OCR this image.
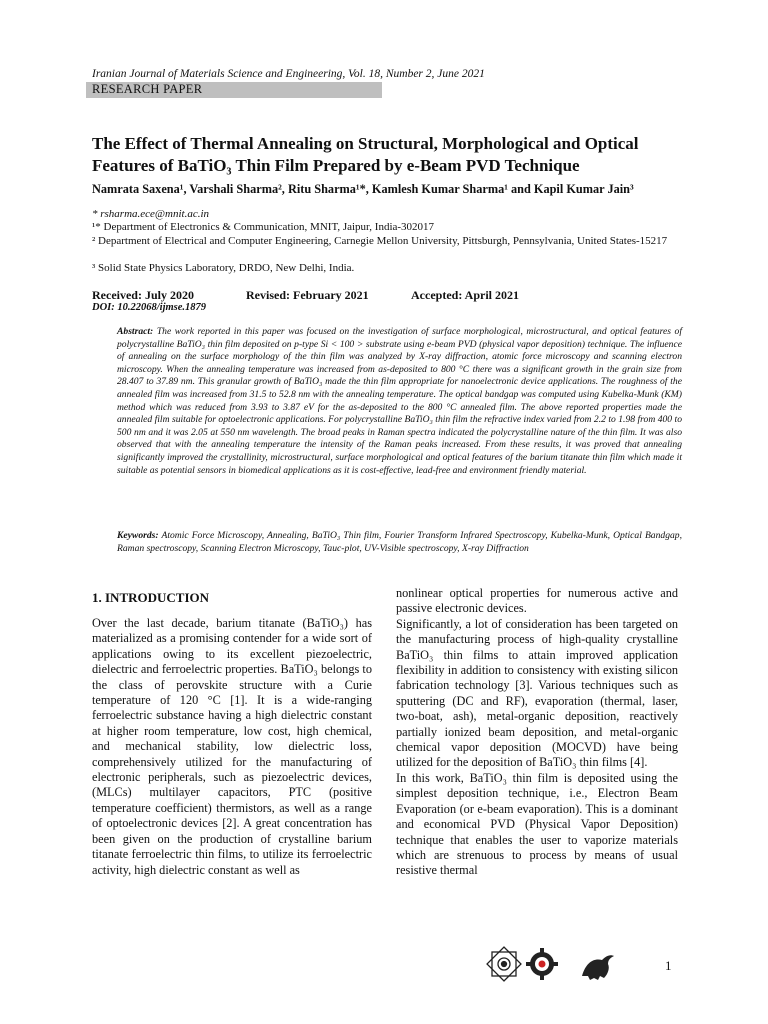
Iranian Journal of Materials Science and Engineering, Vol. 18, Number 2, June 2021
RESEARCH PAPER
The Effect of Thermal Annealing on Structural, Morphological and Optical
Features of BaTiO₃ Thin Film Prepared by e-Beam PVD Technique
Namrata Saxena¹, Varshali Sharma², Ritu Sharma¹*, Kamlesh Kumar Sharma¹ and Kapil Kumar Jain³
* rsharma.ece@mnit.ac.in
¹* Department of Electronics & Communication, MNIT, Jaipur, India-302017
² Department of Electrical and Computer Engineering, Carnegie Mellon University, Pittsburgh, Pennsylvania, United States-15217
³ Solid State Physics Laboratory, DRDO, New Delhi, India.
Received: July 2020	Revised: February 2021	Accepted: April 2021
DOI: 10.22068/ijmse.1879
Abstract: The work reported in this paper was focused on the investigation of surface morphological, microstructural, and optical features of polycrystalline BaTiO₃ thin film deposited on p-type Si < 100 > substrate using e-beam PVD (physical vapor deposition) technique. The influence of annealing on the surface morphology of the thin film was analyzed by X-ray diffraction, atomic force microscopy and scanning electron microscopy. When the annealing temperature was increased from as-deposited to 800 °C there was a significant growth in the grain size from 28.407 to 37.89 nm. This granular growth of BaTiO₃ made the thin film appropriate for nanoelectronic device applications. The roughness of the annealed film was increased from 31.5 to 52.8 nm with the annealing temperature. The optical bandgap was computed using Kubelka-Munk (KM) method which was reduced from 3.93 to 3.87 eV for the as-deposited to the 800 °C annealed film. The above reported properties made the annealed film suitable for optoelectronic applications. For polycrystalline BaTiO₃ thin film the refractive index varied from 2.2 to 1.98 from 400 to 500 nm and it was 2.05 at 550 nm wavelength. The broad peaks in Raman spectra indicated the polycrystalline nature of the thin film. It was also observed that with the annealing temperature the intensity of the Raman peaks increased. From these results, it was proved that annealing significantly improved the crystallinity, microstructural, surface morphological and optical features of the barium titanate thin film which made it suitable as potential sensors in biomedical applications as it is cost-effective, lead-free and environment friendly material.
Keywords: Atomic Force Microscopy, Annealing, BaTiO₃ Thin film, Fourier Transform Infrared Spectroscopy, Kubelka-Munk, Optical Bandgap, Raman spectroscopy, Scanning Electron Microscopy, Tauc-plot, UV-Visible spectroscopy, X-ray Diffraction
1. INTRODUCTION

Over the last decade, barium titanate (BaTiO₃) has materialized as a promising contender for a wide sort of applications owing to its excellent piezoelectric, dielectric and ferroelectric properties. BaTiO₃ belongs to the class of perovskite structure with a Curie temperature of 120 °C [1]. It is a wide-ranging ferroelectric substance having a high dielectric constant at higher room temperature, low cost, high chemical, and mechanical stability, low dielectric loss, comprehensively utilized for the manufacturing of electronic peripherals, such as piezoelectric devices, (MLCs) multilayer capacitors, PTC (positive temperature coefficient) thermistors, as well as a range of optoelectronic devices [2]. A great concentration has been given on the production of crystalline barium titanate ferroelectric thin films, to utilize its ferroelectric activity, high dielectric constant as well as

nonlinear optical properties for numerous active and passive electronic devices.

Significantly, a lot of consideration has been targeted on the manufacturing process of high-quality crystalline BaTiO₃ thin films to attain improved application flexibility in addition to consistency with existing silicon fabrication technology [3]. Various techniques such as sputtering (DC and RF), evaporation (thermal, laser, two-boat, ash), metal-organic deposition, reactively partially ionized beam deposition, and metal-organic chemical vapor deposition (MOCVD) have being utilized for the deposition of BaTiO₃ thin films [4].

In this work, BaTiO₃ thin film is deposited using the simplest deposition technique, i.e., Electron Beam Evaporation (or e-beam evaporation). This is a dominant and economical PVD (Physical Vapor Deposition) technique that enables the user to vaporize materials which are strenuous to process by means of usual resistive thermal

1
